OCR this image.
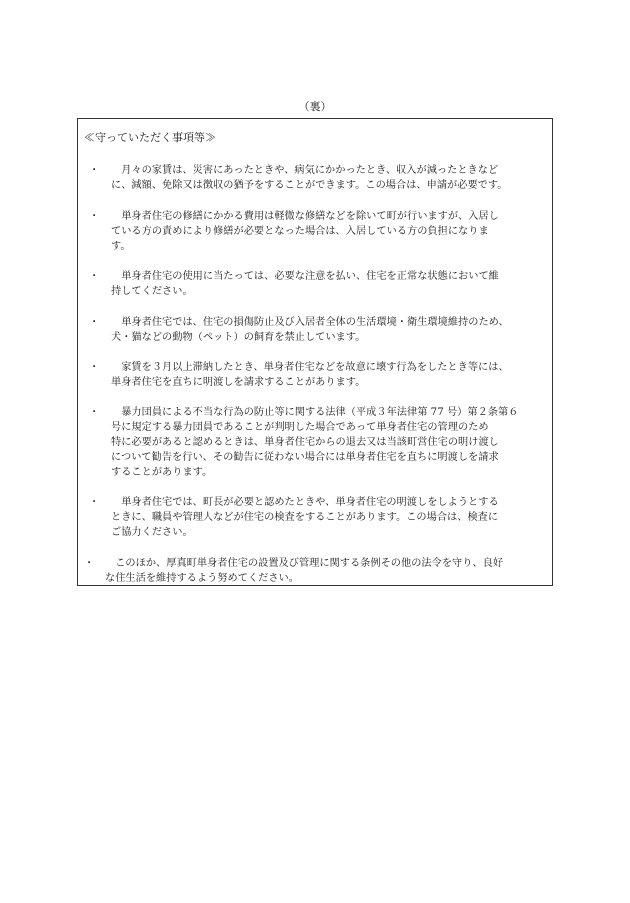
（裏）
≪守っていただく事項等≫
・ 　月々の家賃は、災害にあったときや、病気にかかったとき、収入が減ったときなど
に、減額、免除又は徴収の猶予をすることができます。この場合は、申請が必要です。
・ 　単身者住宅の修繕にかかる費用は軽微な修繕などを除いて町が行いますが、入居し
ている方の責めにより修繕が必要となった場合は、入居している方の負担になりま
す。
・ 　単身者住宅の使用に当たっては、必要な注意を払い、住宅を正常な状態において維
持してください。
・ 　単身者住宅では、住宅の損傷防止及び入居者全体の生活環境・衛生環境維持のため、
犬・猫などの動物（ペット）の飼育を禁止しています。
・ 　家賃を３月以上滞納したとき、単身者住宅などを故意に壊す行為をしたとき等には、
単身者住宅を直ちに明渡しを請求することがあります。
・ 　暴力団員による不当な行為の防止等に関する法律（平成３年法律第 77 号）第２条第６
号に規定する暴力団員であることが判明した場合であって単身者住宅の管理のため
特に必要があると認めるときは、単身者住宅からの退去又は当該町営住宅の明け渡し
について勧告を行い、その勧告に従わない場合には単身者住宅を直ちに明渡しを請求
することがあります。
・ 　単身者住宅では、町長が必要と認めたときや、単身者住宅の明渡しをしようとする
ときに、職員や管理人などが住宅の検査をすることがあります。この場合は、検査に
ご協力ください。
・ 　このほか、厚真町単身者住宅の設置及び管理に関する条例その他の法令を守り、良好
な住生活を維持するよう努めてください。
